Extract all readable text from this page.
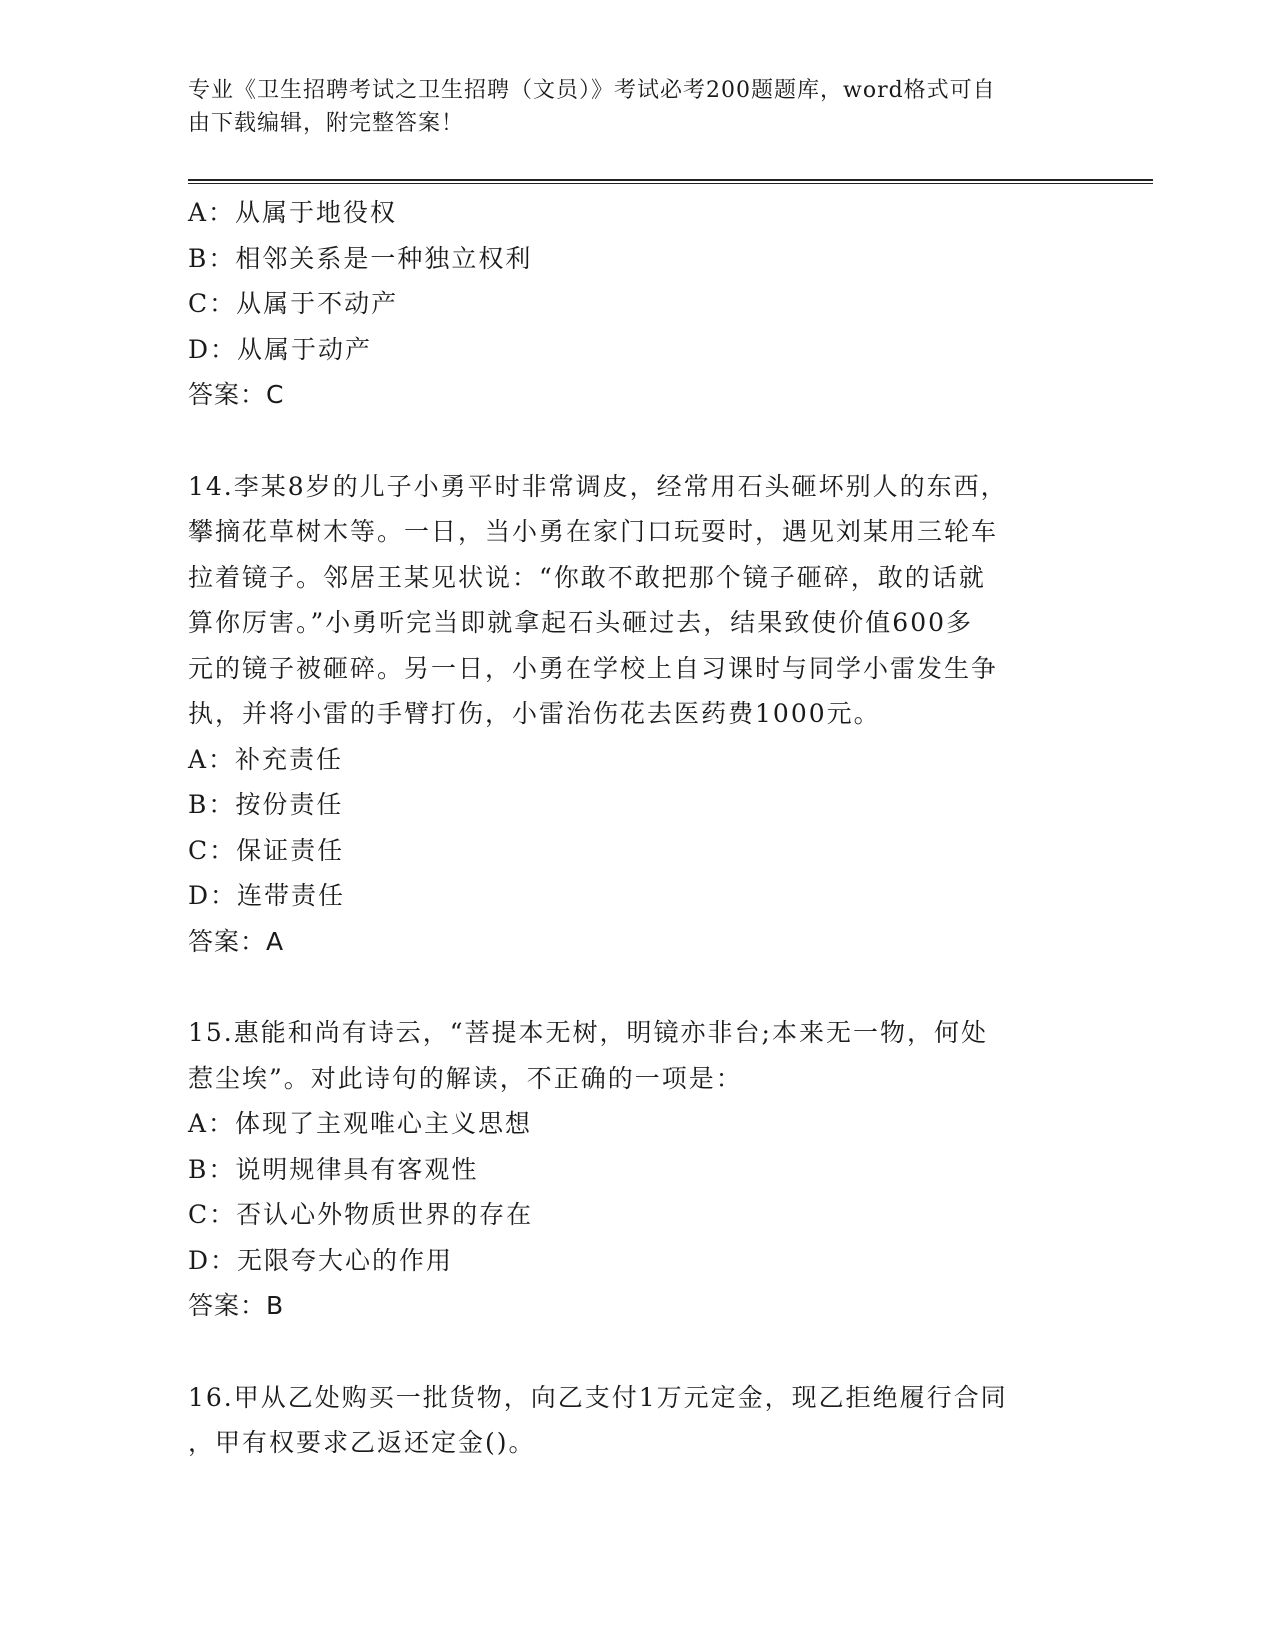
专业《卫生招聘考试之卫生招聘（文员）》考试必考200题题库，word格式可自
由下载编辑，附完整答案！
A：从属于地役权
B：相邻关系是一种独立权利
C：从属于不动产
D：从属于动产
答案：C
14.李某8岁的儿子小勇平时非常调皮，经常用石头砸坏别人的东西，
攀摘花草树木等。一日，当小勇在家门口玩耍时，遇见刘某用三轮车
拉着镜子。邻居王某见状说：“你敢不敢把那个镜子砸碎，敢的话就
算你厉害。”小勇听完当即就拿起石头砸过去，结果致使价值600多
元的镜子被砸碎。另一日，小勇在学校上自习课时与同学小雷发生争
执，并将小雷的手臂打伤，小雷治伤花去医药费1000元。
A：补充责任
B：按份责任
C：保证责任
D：连带责任
答案：A
15.惠能和尚有诗云，“菩提本无树，明镜亦非台;本来无一物，何处
惹尘埃”。对此诗句的解读，不正确的一项是：
A：体现了主观唯心主义思想
B：说明规律具有客观性
C：否认心外物质世界的存在
D：无限夸大心的作用
答案：B
16.甲从乙处购买一批货物，向乙支付1万元定金，现乙拒绝履行合同
，甲有权要求乙返还定金()。
